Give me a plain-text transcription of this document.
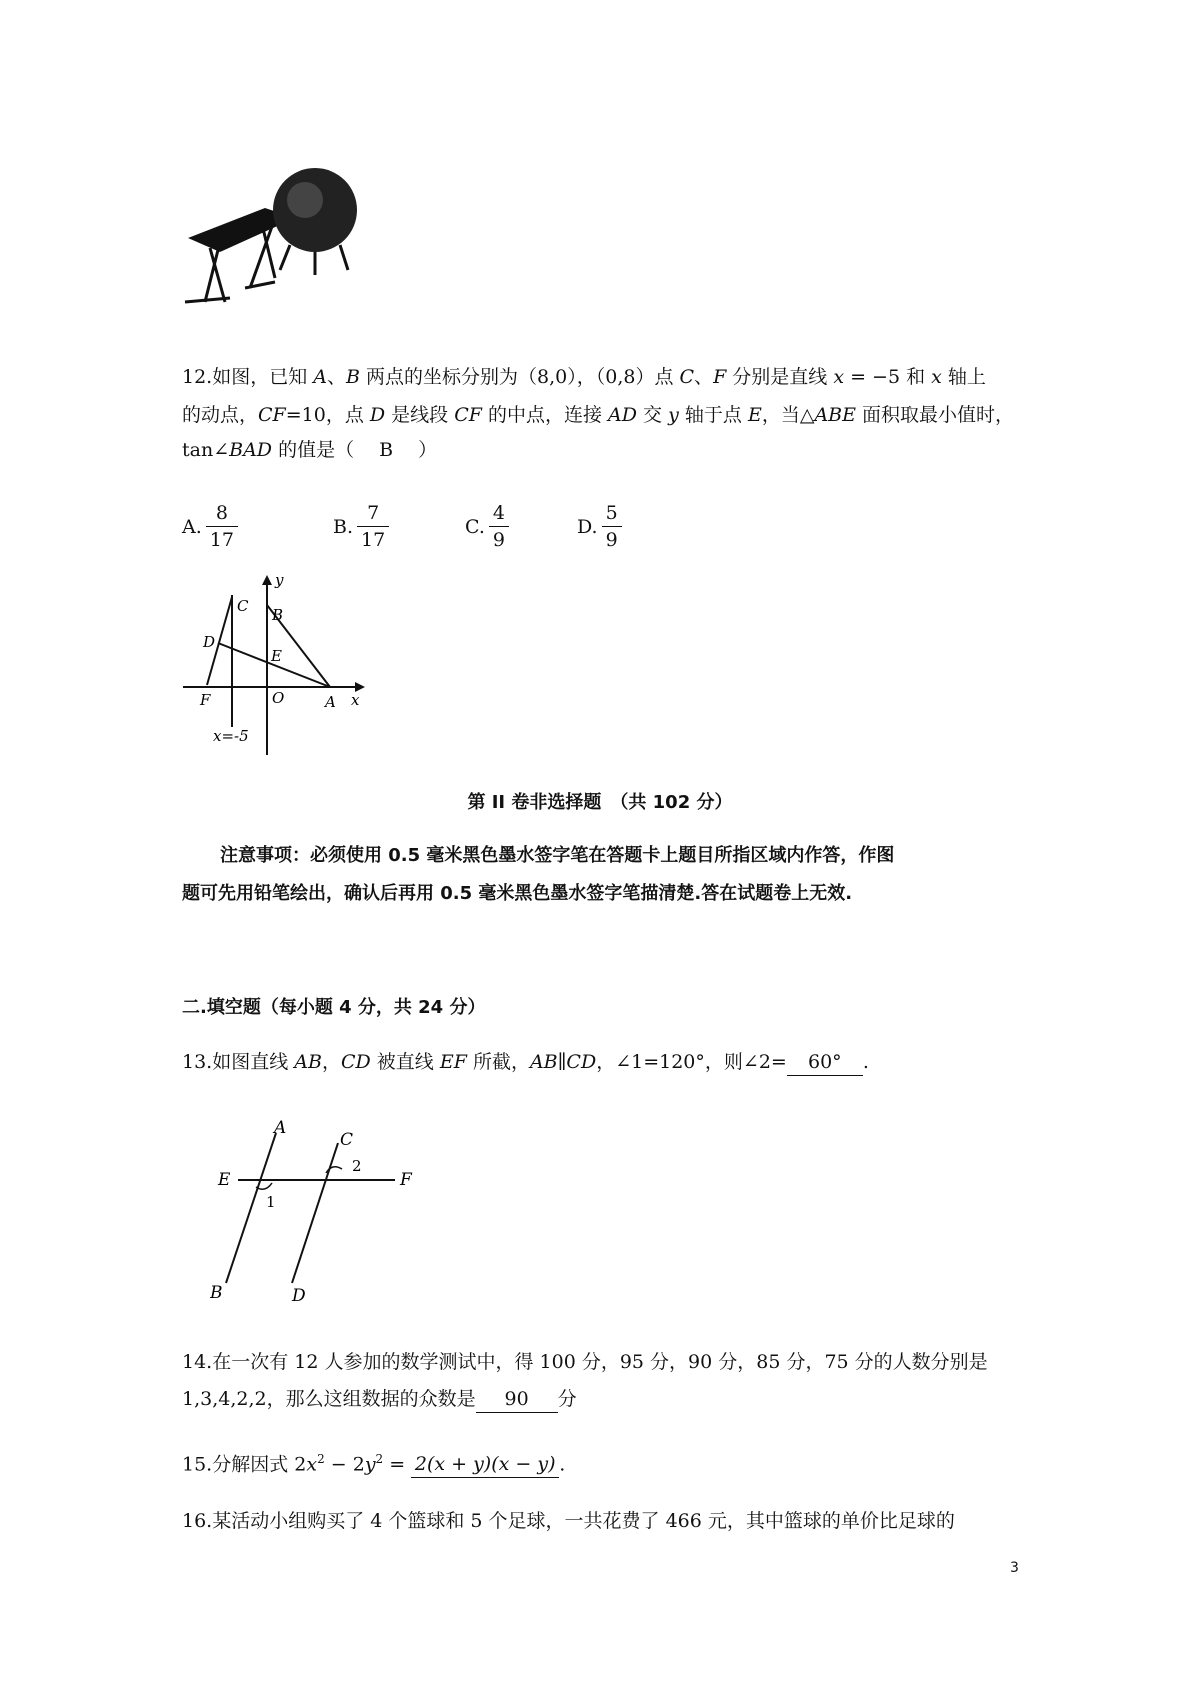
12.如图，已知 A、B 两点的坐标分别为（8,0），（0,8）点 C、F 分别是直线 x = −5 和 x 轴上
的动点，CF=10，点 D 是线段 CF 的中点，连接 AD 交 y 轴于点 E，当△ABE 面积取最小值时，
tan∠BAD 的值是（　 B　 ）
A. $\frac{8}{17}$	B. $\frac{7}{17}$	C. $\frac{4}{9}$	D. $\frac{5}{9}$
y
C B
D
E
F	O	A x
x=-5
第 II 卷非选择题　（共 102 分）
注意事项：必须使用 0.5 毫米黑色墨水签字笔在答题卡上题目所指区域内作答，作图
题可先用铅笔绘出，确认后再用 0.5 毫米黑色墨水签字笔描清楚.答在试题卷上无效.
二.填空题（每小题 4 分，共 24 分）
13.如图直线 AB，CD 被直线 EF 所截，AB∥CD，∠1=120°，则∠2= 60° .
A
C
2
E	F
1
B	D
14.在一次有 12 人参加的数学测试中，得 100 分，95 分，90 分，85 分，75 分的人数分别是
1,3,4,2,2，那么这组数据的众数是 90 分
15.分解因式 $2x^2 - 2y^2 = 2(x + y)(x - y)$ .
16.某活动小组购买了 4 个篮球和 5 个足球，一共花费了 466 元，其中篮球的单价比足球的
3
